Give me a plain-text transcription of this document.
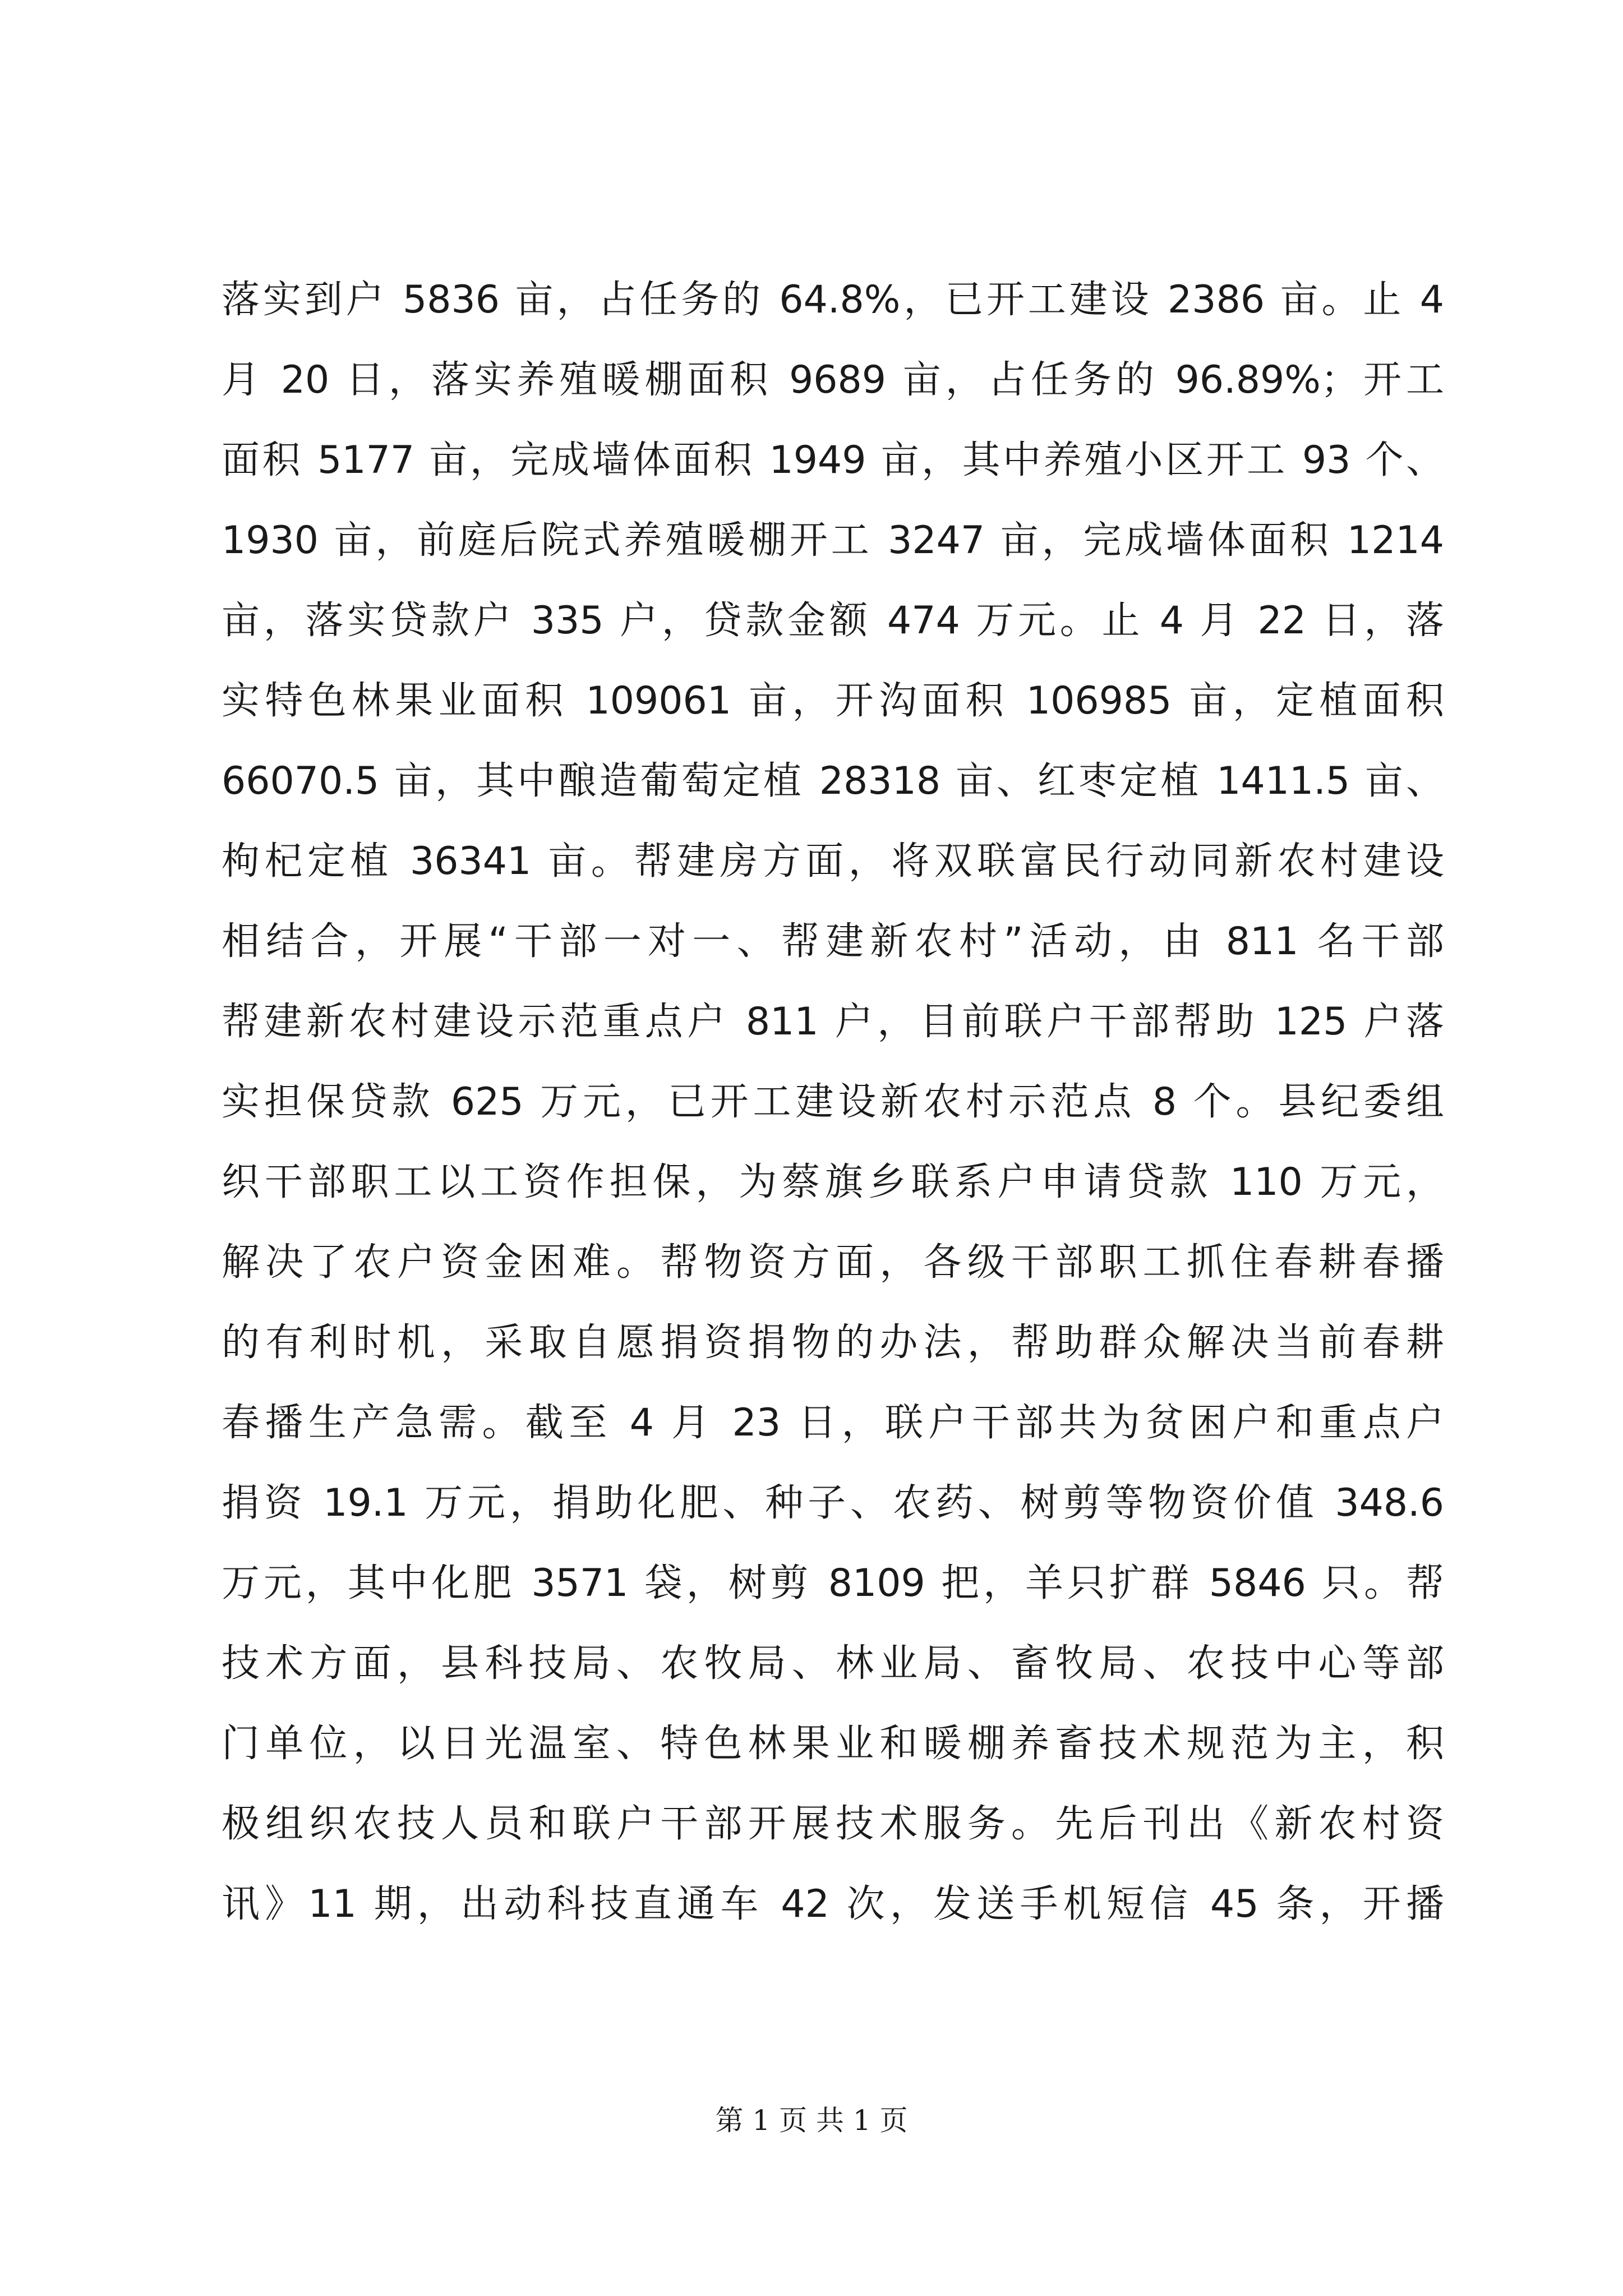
落实到户 5836 亩，占任务的 64.8%，已开工建设 2386 亩。止 4
月 20 日，落实养殖暖棚面积 9689 亩，占任务的 96.89%；开工
面积 5177 亩，完成墙体面积 1949 亩，其中养殖小区开工 93 个、
1930 亩，前庭后院式养殖暖棚开工 3247 亩，完成墙体面积 1214
亩，落实贷款户 335 户，贷款金额 474 万元。止 4 月 22 日，落
实特色林果业面积 109061 亩，开沟面积 106985 亩，定植面积
66070.5 亩，其中酿造葡萄定植 28318 亩、红枣定植 1411.5 亩、
枸杞定植 36341 亩。帮建房方面，将双联富民行动同新农村建设
相结合，开展“干部一对一、帮建新农村”活动，由 811 名干部
帮建新农村建设示范重点户 811 户，目前联户干部帮助 125 户落
实担保贷款 625 万元，已开工建设新农村示范点 8 个。县纪委组
织干部职工以工资作担保，为蔡旗乡联系户申请贷款 110 万元，
解决了农户资金困难。帮物资方面，各级干部职工抓住春耕春播
的有利时机，采取自愿捐资捐物的办法，帮助群众解决当前春耕
春播生产急需。截至 4 月 23 日，联户干部共为贫困户和重点户
捐资 19.1 万元，捐助化肥、种子、农药、树剪等物资价值 348.6
万元，其中化肥 3571 袋，树剪 8109 把，羊只扩群 5846 只。帮
技术方面，县科技局、农牧局、林业局、畜牧局、农技中心等部
门单位，以日光温室、特色林果业和暖棚养畜技术规范为主，积
极组织农技人员和联户干部开展技术服务。先后刊出《新农村资
讯》11 期，出动科技直通车 42 次，发送手机短信 45 条，开播
第 1 页 共 1 页
